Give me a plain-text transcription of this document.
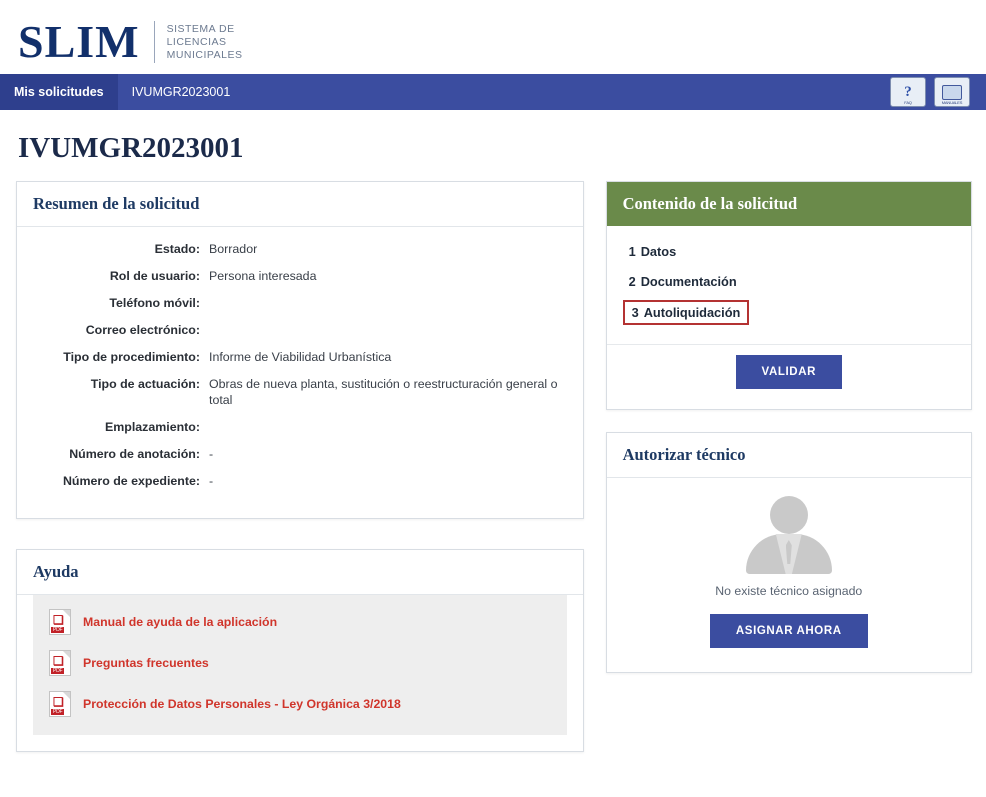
SLIM	SISTEMA DE
LICENCIAS
MUNICIPALES
Mis solicitudes	IVUMGR2023001	?
FAQ	MANUALES
IVUMGR2023001
Resumen de la solicitud
Estado: Borrador
Rol de usuario: Persona interesada
Teléfono móvil:
Correo electrónico:
Tipo de procedimiento: Informe de Viabilidad Urbanística
Tipo de actuación: Obras de nueva planta, sustitución o reestructuración general o total
Emplazamiento:
Número de anotación: -
Número de expediente: -
Ayuda
❏
PDF
Manual de ayuda de la aplicación
❏
PDF
Preguntas frecuentes
❏
PDF
Protección de Datos Personales - Ley Orgánica 3/2018
Contenido de la solicitud
1 Datos
2 Documentación
3 Autoliquidación
VALIDAR
Autorizar técnico
No existe técnico asignado
ASIGNAR AHORA
